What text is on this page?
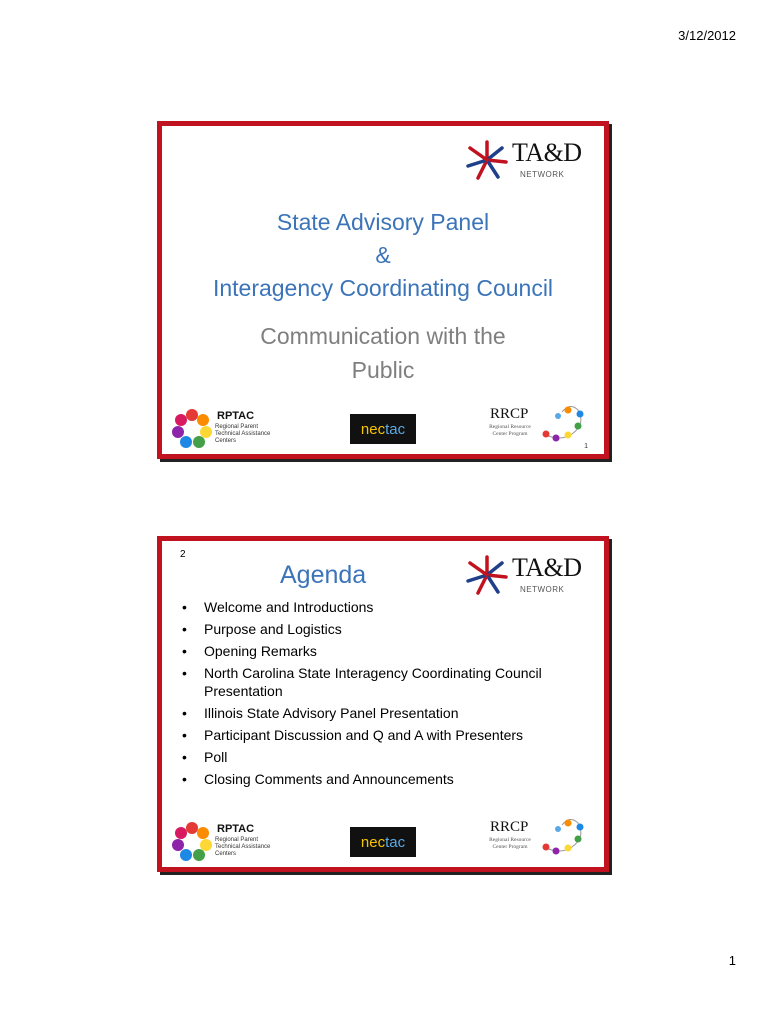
3/12/2012
TA&D
NETWORK
State Advisory Panel
&
Interagency Coordinating Council
Communication with the
Public
RPTAC
Regional Parent
Technical Assistance
Centers
nec tac
RRCP
Regional Resource
Center Program
1
2
Agenda	TA&D
NETWORK
• Welcome and Introductions
• Purpose and Logistics
• Opening Remarks
• North Carolina State Interagency Coordinating Council Presentation
• Illinois State Advisory Panel Presentation
• Participant Discussion and Q and A with Presenters
• Poll
• Closing Comments and Announcements
RPTAC
Regional Parent
Technical Assistance
Centers
nec tac
RRCP
Regional Resource
Center Program
1
